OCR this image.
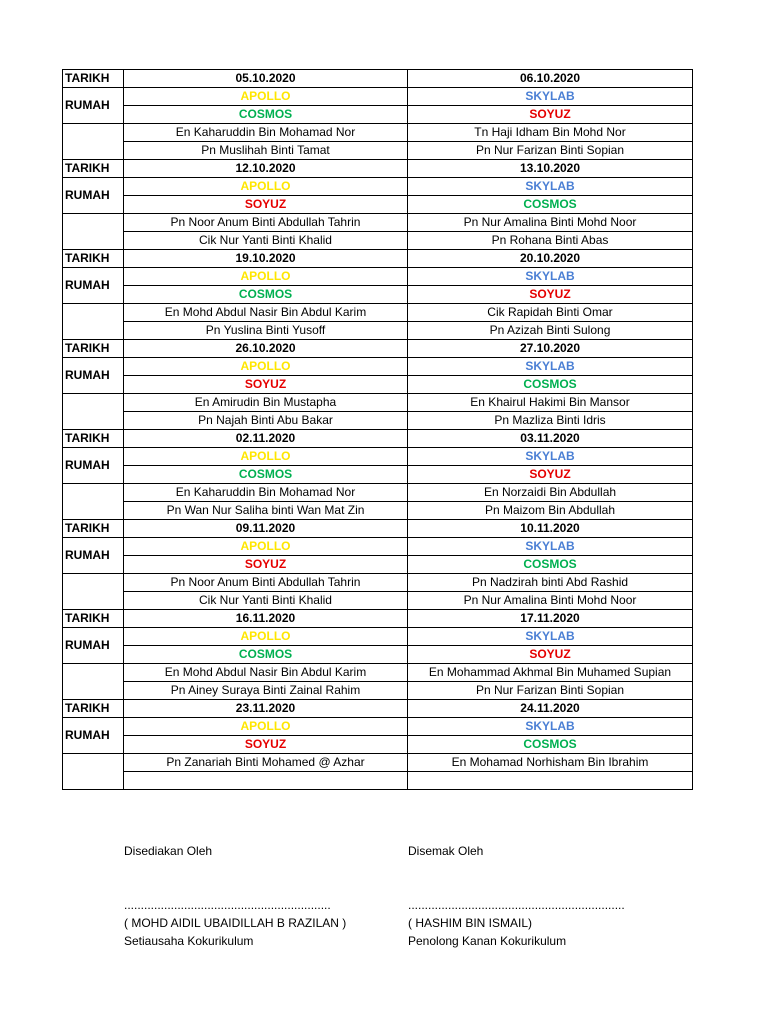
TARIKH	05.10.2020	06.10.2020
RUMAH	APOLLO	SKYLAB
	COSMOS	SOYUZ
	En Kaharuddin Bin Mohamad Nor	Tn Haji Idham Bin Mohd Nor
	Pn Muslihah Binti Tamat	Pn Nur Farizan Binti Sopian
TARIKH	12.10.2020	13.10.2020
RUMAH	APOLLO	SKYLAB
	SOYUZ	COSMOS
	Pn Noor Anum Binti Abdullah Tahrin	Pn Nur Amalina Binti Mohd Noor
	Cik Nur Yanti Binti Khalid	Pn Rohana Binti Abas
TARIKH	19.10.2020	20.10.2020
RUMAH	APOLLO	SKYLAB
	COSMOS	SOYUZ
	En Mohd Abdul Nasir Bin Abdul Karim	Cik Rapidah Binti Omar
	Pn Yuslina Binti Yusoff	Pn Azizah Binti Sulong
TARIKH	26.10.2020	27.10.2020
RUMAH	APOLLO	SKYLAB
	SOYUZ	COSMOS
	En Amirudin Bin Mustapha	En Khairul Hakimi Bin Mansor
	Pn Najah Binti Abu Bakar	Pn Mazliza Binti Idris
TARIKH	02.11.2020	03.11.2020
RUMAH	APOLLO	SKYLAB
	COSMOS	SOYUZ
	En Kaharuddin Bin Mohamad Nor	En Norzaidi Bin Abdullah
	Pn Wan Nur Saliha binti Wan Mat Zin	Pn Maizom Bin Abdullah
TARIKH	09.11.2020	10.11.2020
RUMAH	APOLLO	SKYLAB
	SOYUZ	COSMOS
	Pn Noor Anum Binti Abdullah Tahrin	Pn Nadzirah binti Abd Rashid
	Cik Nur Yanti Binti Khalid	Pn Nur Amalina Binti Mohd Noor
TARIKH	16.11.2020	17.11.2020
RUMAH	APOLLO	SKYLAB
	COSMOS	SOYUZ
	En Mohd Abdul Nasir Bin Abdul Karim	En Mohammad Akhmal Bin Muhamed Supian
	Pn Ainey Suraya Binti Zainal Rahim	Pn Nur Farizan Binti Sopian
TARIKH	23.11.2020	24.11.2020
RUMAH	APOLLO	SKYLAB
	SOYUZ	COSMOS
	Pn Zanariah Binti Mohamed @ Azhar	En Mohamad Norhisham Bin Ibrahim

Disediakan Oleh
..............................................................
( MOHD AIDIL UBAIDILLAH B RAZILAN )
Setiausaha Kokurikulum
Disemak Oleh
.................................................................
( HASHIM BIN ISMAIL)
Penolong Kanan Kokurikulum
